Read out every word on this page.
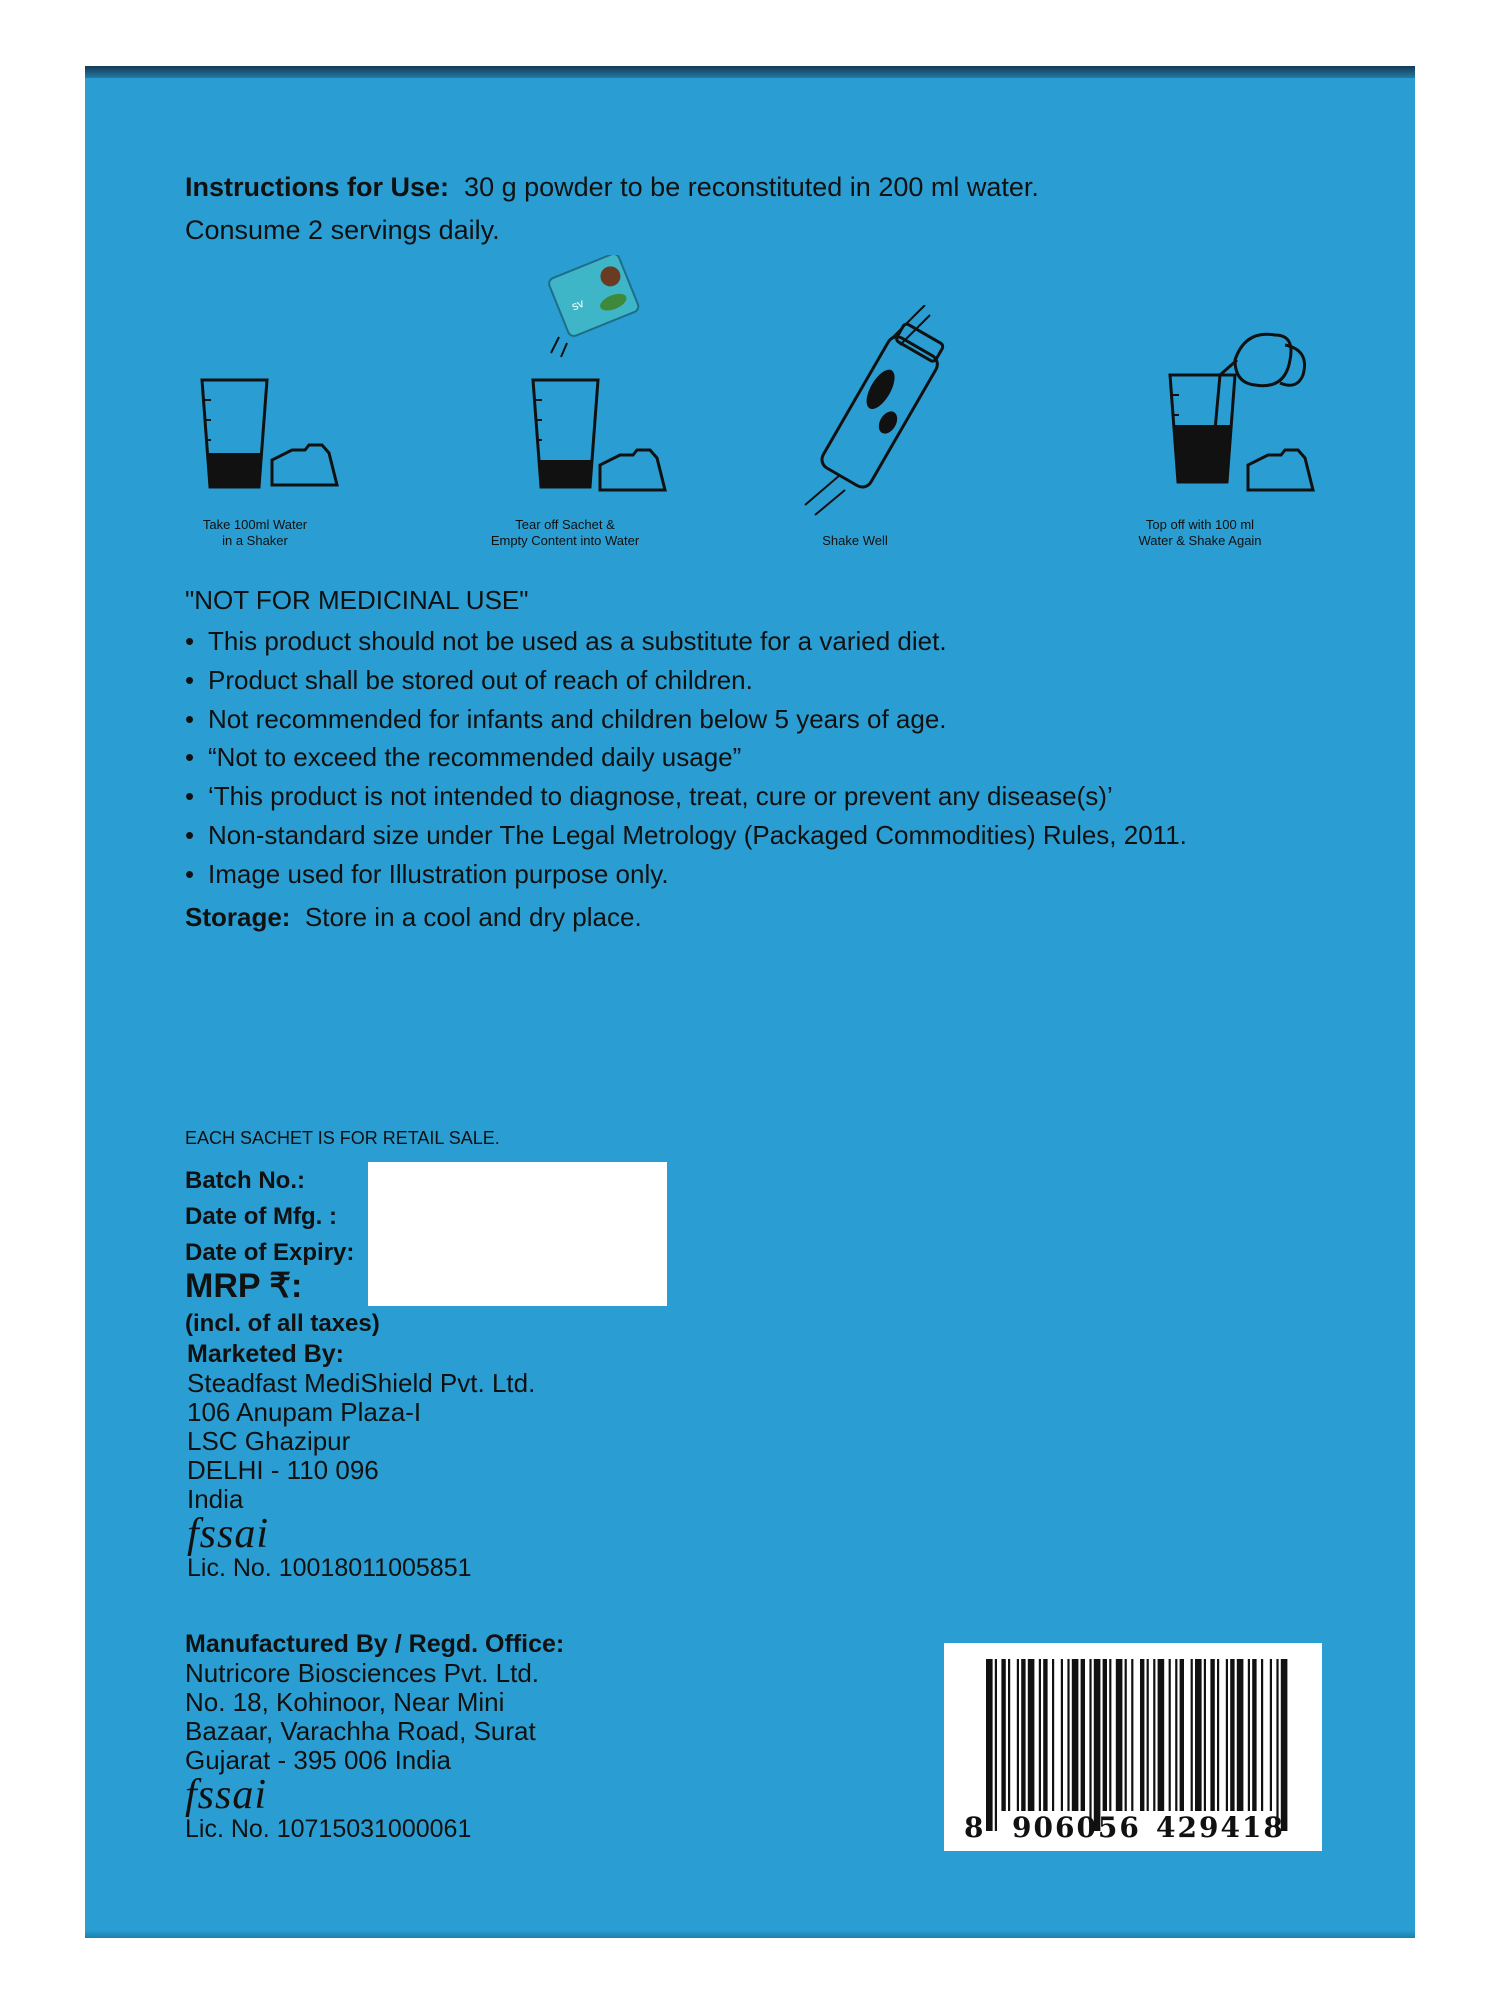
Instructions for Use: 30 g powder to be reconstituted in 200 ml water.
Consume 2 servings daily.
Take 100ml Water
in a Shaker
sv
Tear off Sachet &
Empty Content into Water	Shake Well
Top off with 100 ml
Water & Shake Again
"NOT FOR MEDICINAL USE"
• This product should not be used as a substitute for a varied diet.
• Product shall be stored out of reach of children.
• Not recommended for infants and children below 5 years of age.
• “Not to exceed the recommended daily usage”
• ‘This product is not intended to diagnose, treat, cure or prevent any disease(s)’
• Non-standard size under The Legal Metrology (Packaged Commodities) Rules, 2011.
• Image used for Illustration purpose only.
Storage: Store in a cool and dry place.
EACH SACHET IS FOR RETAIL SALE.
Batch No.:
Date of Mfg. :
Date of Expiry:
MRP ₹:
(incl. of all taxes)
Marketed By:
Steadfast MediShield Pvt. Ltd.
106 Anupam Plaza-I
LSC Ghazipur
DELHI - 110 096
India
fssai
Lic. No. 10018011005851
Manufactured By / Regd. Office:
Nutricore Biosciences Pvt. Ltd.
No. 18, Kohinoor, Near Mini
Bazaar, Varachha Road, Surat
Gujarat - 395 006 India
fssai
Lic. No. 10715031000061	8 906056 429418
